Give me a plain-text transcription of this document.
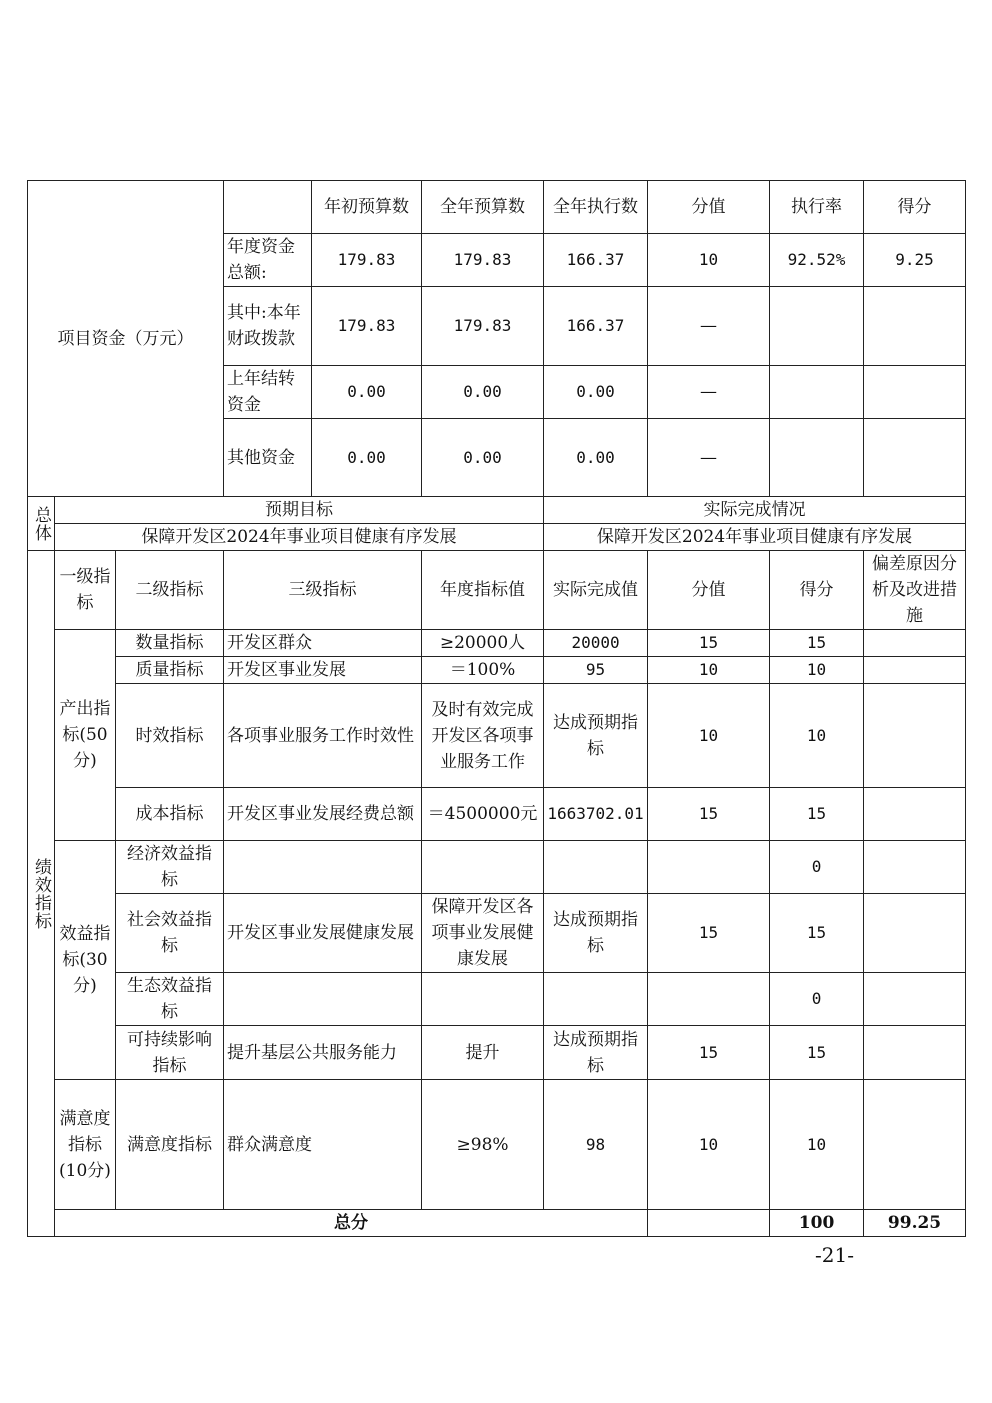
项目资金（万元）				年初预算数	全年预算数	全年执行数	分值	执行率	得分	
			年度资金总额:	179.83	179.83	166.37	10	92.52%	9.25	
			其中:本年财政拨款	179.83	179.83	166.37	—			
			上年结转资金	0.00	0.00	0.00	—			
			其他资金	0.00	0.00	0.00	—			
总体	预期目标					实际完成情况				
	保障开发区2024年事业项目健康有序发展					保障开发区2024年事业项目健康有序发展				
绩效指标	一级指标	二级指标	三级指标		年度指标值	实际完成值	分值	得分	偏差原因分析及改进措施	
	产出指标(50分)	数量指标	开发区群众		≥20000人	20000	15	15		
		质量指标	开发区事业发展		＝100%	95	10	10		
		时效指标	各项事业服务工作时效性		及时有效完成开发区各项事业服务工作	达成预期指标	10	10		
		成本指标	开发区事业发展经费总额		＝4500000元	1663702.01	15	15		
	效益指标(30分)	经济效益指标						0		
		社会效益指标	开发区事业发展健康发展		保障开发区各项事业发展健康发展	达成预期指标	15	15		
		生态效益指标						0		
		可持续影响指标	提升基层公共服务能力		提升	达成预期指标	15	15		
	满意度指标(10分)	满意度指标	群众满意度		≥98%	98	10	10		
	总分							100	99.25	
-21-
